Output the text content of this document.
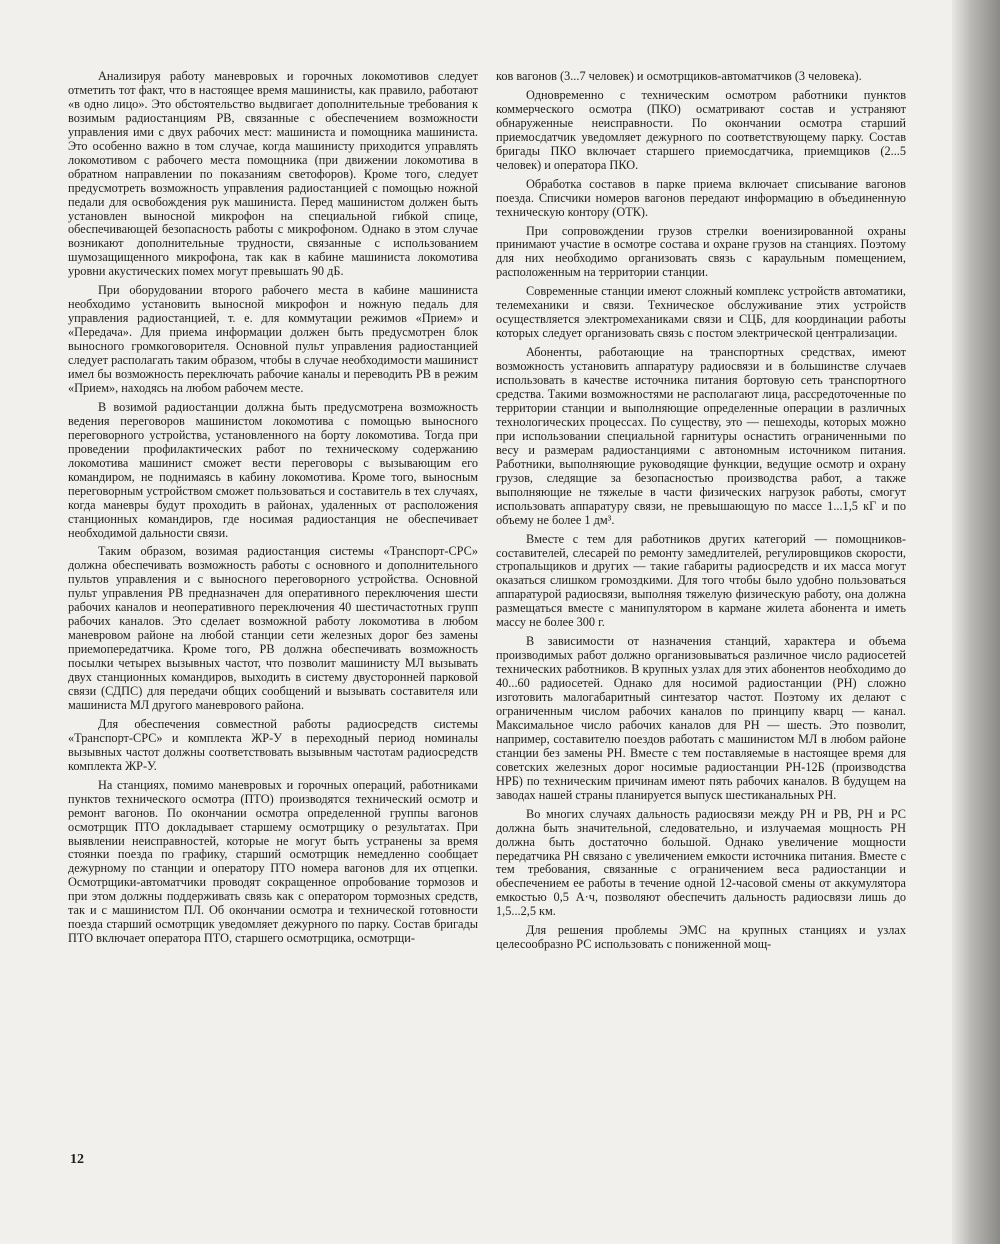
Анализируя работу маневровых и горочных локомотивов следует отметить тот факт, что в настоящее время машинисты, как правило, работают «в одно лицо». Это обстоятельство выдвигает дополнительные требования к возимым радиостанциям РВ, связанные с обеспечением возможности управления ими с двух рабочих мест: машиниста и помощника машиниста. Это особенно важно в том случае, когда машинисту приходится управлять локомотивом с рабочего места помощника (при движении локомотива в обратном направлении по показаниям светофоров). Кроме того, следует предусмотреть возможность управления радиостанцией с помощью ножной педали для освобождения рук машиниста. Перед машинистом должен быть установлен выносной микрофон на специальной гибкой спице, обеспечивающей безопасность работы с микрофоном. Однако в этом случае возникают дополнительные трудности, связанные с использованием шумозащищенного микрофона, так как в кабине машиниста локомотива уровни акустических помех могут превышать 90 дБ.

При оборудовании второго рабочего места в кабине машиниста необходимо установить выносной микрофон и ножную педаль для управления радиостанцией, т. е. для коммутации режимов «Прием» и «Передача». Для приема информации должен быть предусмотрен блок выносного громкоговорителя. Основной пульт управления радиостанцией следует располагать таким образом, чтобы в случае необходимости машинист имел бы возможность переключать рабочие каналы и переводить РВ в режим «Прием», находясь на любом рабочем месте.

В возимой радиостанции должна быть предусмотрена возможность ведения переговоров машинистом локомотива с помощью выносного переговорного устройства, установленного на борту локомотива. Тогда при проведении профилактических работ по техническому содержанию локомотива машинист сможет вести переговоры с вызывающим его командиром, не поднимаясь в кабину локомотива. Кроме того, выносным переговорным устройством сможет пользоваться и составитель в тех случаях, когда маневры будут проходить в районах, удаленных от расположения станционных командиров, где носимая радиостанция не обеспечивает необходимой дальности связи.

Таким образом, возимая радиостанция системы «Транспорт-СРС» должна обеспечивать возможность работы с основного и дополнительного пультов управления и с выносного переговорного устройства. Основной пульт управления РВ предназначен для оперативного переключения шести рабочих каналов и неоперативного переключения 40 шестичастотных групп рабочих каналов. Это сделает возможной работу локомотива в любом маневровом районе на любой станции сети железных дорог без замены приемопередатчика. Кроме того, РВ должна обеспечивать возможность посылки четырех вызывных частот, что позволит машинисту МЛ вызывать двух станционных командиров, выходить в систему двусторонней парковой связи (СДПС) для передачи общих сообщений и вызывать составителя или машиниста МЛ другого маневрового района.

Для обеспечения совместной работы радиосредств системы «Транспорт-СРС» и комплекта ЖР-У в переходный период номиналы вызывных частот должны соответствовать вызывным частотам радиосредств комплекта ЖР-У.

На станциях, помимо маневровых и горочных операций, работниками пунктов технического осмотра (ПТО) производятся технический осмотр и ремонт вагонов. По окончании осмотра определенной группы вагонов осмотрщик ПТО докладывает старшему осмотрщику о результатах. При выявлении неисправностей, которые не могут быть устранены за время стоянки поезда по графику, старший осмотрщик немедленно сообщает дежурному по станции и оператору ПТО номера вагонов для их отцепки. Осмотрщики-автоматчики проводят сокращенное опробование тормозов и при этом должны поддерживать связь как с оператором тормозных средств, так и с машинистом ПЛ. Об окончании осмотра и технической готовности поезда старший осмотрщик уведомляет дежурного по парку. Состав бригады ПТО включает оператора ПТО, старшего осмотрщика, осмотрщи-

ков вагонов (3...7 человек) и осмотрщиков-автоматчиков (3 человека).

Одновременно с техническим осмотром работники пунктов коммерческого осмотра (ПКО) осматривают состав и устраняют обнаруженные неисправности. По окончании осмотра старший приемосдатчик уведомляет дежурного по соответствующему парку. Состав бригады ПКО включает старшего приемосдатчика, приемщиков (2...5 человек) и оператора ПКО.

Обработка составов в парке приема включает списывание вагонов поезда. Списчики номеров вагонов передают информацию в объединенную техническую контору (ОТК).

При сопровождении грузов стрелки военизированной охраны принимают участие в осмотре состава и охране грузов на станциях. Поэтому для них необходимо организовать связь с караульным помещением, расположенным на территории станции.

Современные станции имеют сложный комплекс устройств автоматики, телемеханики и связи. Техническое обслуживание этих устройств осуществляется электромеханиками связи и СЦБ, для координации работы которых следует организовать связь с постом электрической централизации.

Абоненты, работающие на транспортных средствах, имеют возможность установить аппаратуру радиосвязи и в большинстве случаев использовать в качестве источника питания бортовую сеть транспортного средства. Такими возможностями не располагают лица, рассредоточенные по территории станции и выполняющие определенные операции в различных технологических процессах. По существу, это — пешеходы, которых можно при использовании специальной гарнитуры оснастить ограниченными по весу и размерам радиостанциями с автономным источником питания. Работники, выполняющие руководящие функции, ведущие осмотр и охрану грузов, следящие за безопасностью производства работ, а также выполняющие не тяжелые в части физических нагрузок работы, смогут использовать аппаратуру связи, не превышающую по массе 1...1,5 кГ и по объему не более 1 дм³.

Вместе с тем для работников других категорий — помощников-составителей, слесарей по ремонту замедлителей, регулировщиков скорости, стропальщиков и других — такие габариты радиосредств и их масса могут оказаться слишком громоздкими. Для того чтобы было удобно пользоваться аппаратурой радиосвязи, выполняя тяжелую физическую работу, она должна размещаться вместе с манипулятором в кармане жилета абонента и иметь массу не более 300 г.

В зависимости от назначения станций, характера и объема производимых работ должно организовываться различное число радиосетей технических работников. В крупных узлах для этих абонентов необходимо до 40...60 радиосетей. Однако для носимой радиостанции (РН) сложно изготовить малогабаритный синтезатор частот. Поэтому их делают с ограниченным числом рабочих каналов по принципу кварц — канал. Максимальное число рабочих каналов для РН — шесть. Это позволит, например, составителю поездов работать с машинистом МЛ в любом районе станции без замены РН. Вместе с тем поставляемые в настоящее время для советских железных дорог носимые радиостанции РН-12Б (производства НРБ) по техническим причинам имеют пять рабочих каналов. В будущем на заводах нашей страны планируется выпуск шестиканальных РН.

Во многих случаях дальность радиосвязи между РН и РВ, РН и РС должна быть значительной, следовательно, и излучаемая мощность РН должна быть достаточно большой. Однако увеличение мощности передатчика РН связано с увеличением емкости источника питания. Вместе с тем требования, связанные с ограничением веса радиостанции и обеспечением ее работы в течение одной 12-часовой смены от аккумулятора емкостью 0,5 А·ч, позволяют обеспечить дальность радиосвязи лишь до 1,5...2,5 км.

Для решения проблемы ЭМС на крупных станциях и узлах целесообразно РС использовать с пониженной мощ-

12
